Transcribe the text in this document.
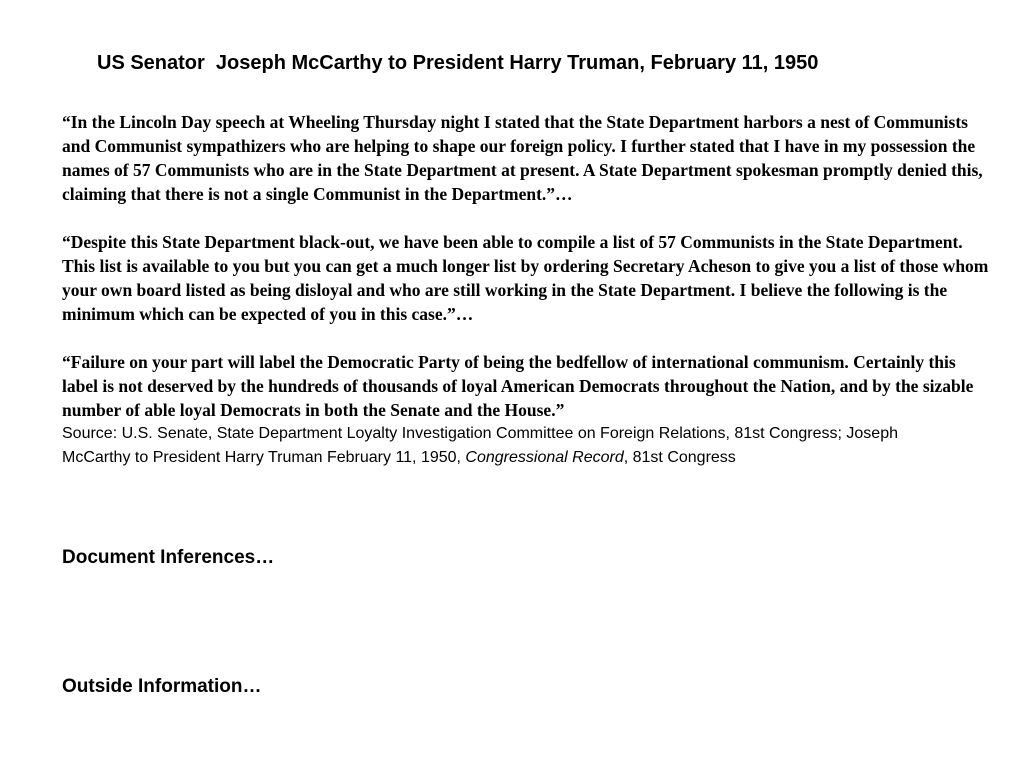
US Senator  Joseph McCarthy to President Harry Truman, February 11, 1950

“In the Lincoln Day speech at Wheeling Thursday night I stated that the State Department harbors a nest of Communists and Communist sympathizers who are helping to shape our foreign policy. I further stated that I have in my possession the names of 57 Communists who are in the State Department at present. A State Department spokesman promptly denied this, claiming that there is not a single Communist in the Department.”…

“Despite this State Department black-out, we have been able to compile a list of 57 Communists in the State Department. This list is available to you but you can get a much longer list by ordering Secretary Acheson to give you a list of those whom your own board listed as being disloyal and who are still working in the State Department. I believe the following is the minimum which can be expected of you in this case.”…

“Failure on your part will label the Democratic Party of being the bedfellow of international communism. Certainly this label is not deserved by the hundreds of thousands of loyal American Democrats throughout the Nation, and by the sizable number of able loyal Democrats in both the Senate and the House.”

Source: U.S. Senate, State Department Loyalty Investigation Committee on Foreign Relations, 81st Congress; Joseph McCarthy to President Harry Truman February 11, 1950, Congressional Record, 81st Congress

Document Inferences…
Outside Information…
